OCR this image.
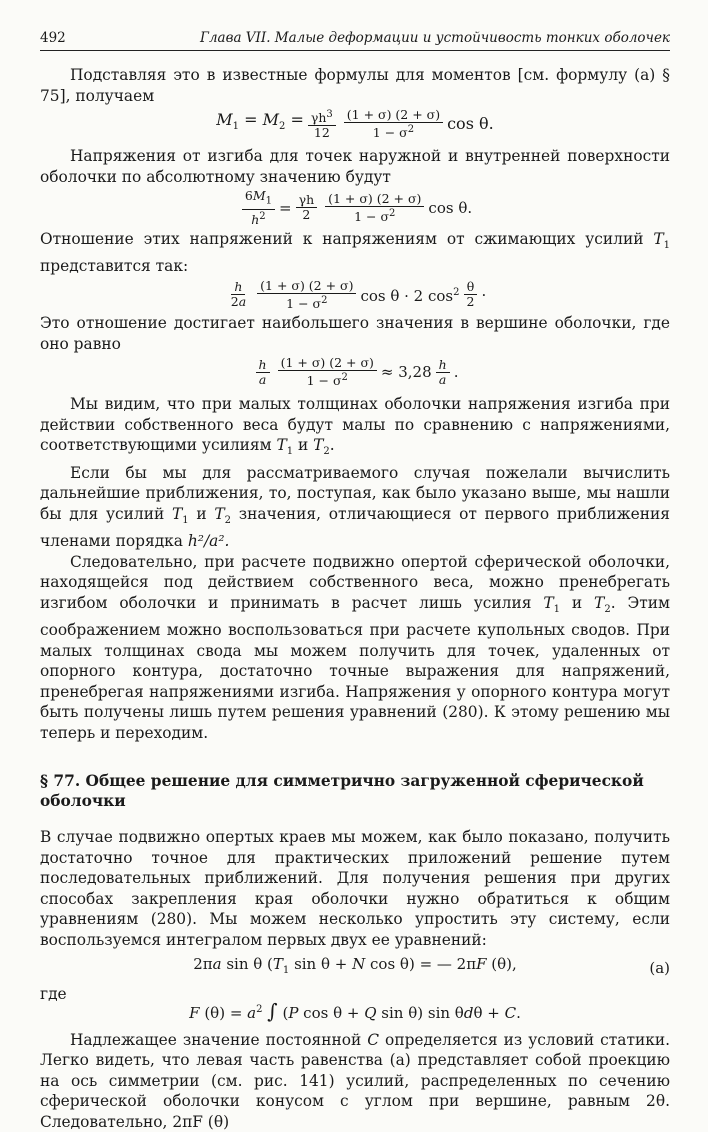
492	Глава VII. Малые деформации и устойчивость тонких оболочек

Подставляя это в известные формулы для моментов [см. формулу (а) § 75], получаем

$M_1 = M_2 = \frac{\gamma h^3}{12} \frac{(1 + \sigma) (2 + \sigma)}{1 - \sigma^2}$ cos θ.

Напряжения от изгиба для точек наружной и внутренней поверхности оболочки по абсолютному значению будут

$\frac{6M_1}{h^2} = \frac{\gamma h}{2} \frac{(1 + \sigma) (2 + \sigma)}{1 - \sigma^2}$ cos θ.

Отношение этих напряжений к напряжениям от сжимающих усилий $T_1$ представится так:

$\frac{h}{2a} \frac{(1 + \sigma) (2 + \sigma)}{1 - \sigma^2}$ cos θ · 2 $\cos^2 \frac{\theta}{2}$ ·

Это отношение достигает наибольшего значения в вершине оболочки, где оно равно

$\frac{h}{a} \frac{(1 + \sigma) (2 + \sigma)}{1 - \sigma^2} \approx 3,28 \frac{h}{a}$ .

Мы видим, что при малых толщинах оболочки напряжения изгиба при действии собственного веса будут малы по сравнению с напряжениями, соответствующими усилиям $T_1$ и $T_2$.

Если бы мы для рассматриваемого случая пожелали вычислить дальнейшие приближения, то, поступая, как было указано выше, мы нашли бы для усилий $T_1$ и $T_2$ значения, отличающиеся от первого приближения членами порядка h²/a².

Следовательно, при расчете подвижно опертой сферической оболочки, находящейся под действием собственного веса, можно пренебрегать изгибом оболочки и принимать в расчет лишь усилия $T_1$ и $T_2$. Этим соображением можно воспользоваться при расчете купольных сводов. При малых толщинах свода мы можем получить для точек, удаленных от опорного контура, достаточно точные выражения для напряжений, пренебрегая напряжениями изгиба. Напряжения у опорного контура могут быть получены лишь путем решения уравнений (280). К этому решению мы теперь и переходим.

§ 77. Общее решение для симметрично загруженной сферической оболочки

В случае подвижно опертых краев мы можем, как было показано, получить достаточно точное для практических приложений решение путем последовательных приближений. Для получения решения при других способах закрепления края оболочки нужно обратиться к общим уравнениям (280). Мы можем несколько упростить эту систему, если воспользуемся интегралом первых двух ее уравнений:

2πa sin θ ($T_1$ sin θ + N cos θ) = — 2πF (θ),	(а)

где

F $(\theta) = a^2$ ∫ (P cos θ + Q sin θ) sin θdθ + C.

Надлежащее значение постоянной C определяется из условий статики. Легко видеть, что левая часть равенства (а) представляет собой проекцию на ось симметрии (см. рис. 141) усилий, распределенных по сечению сферической оболочки конусом с углом при вершине, равным 2θ. Следовательно, 2πF (θ)
